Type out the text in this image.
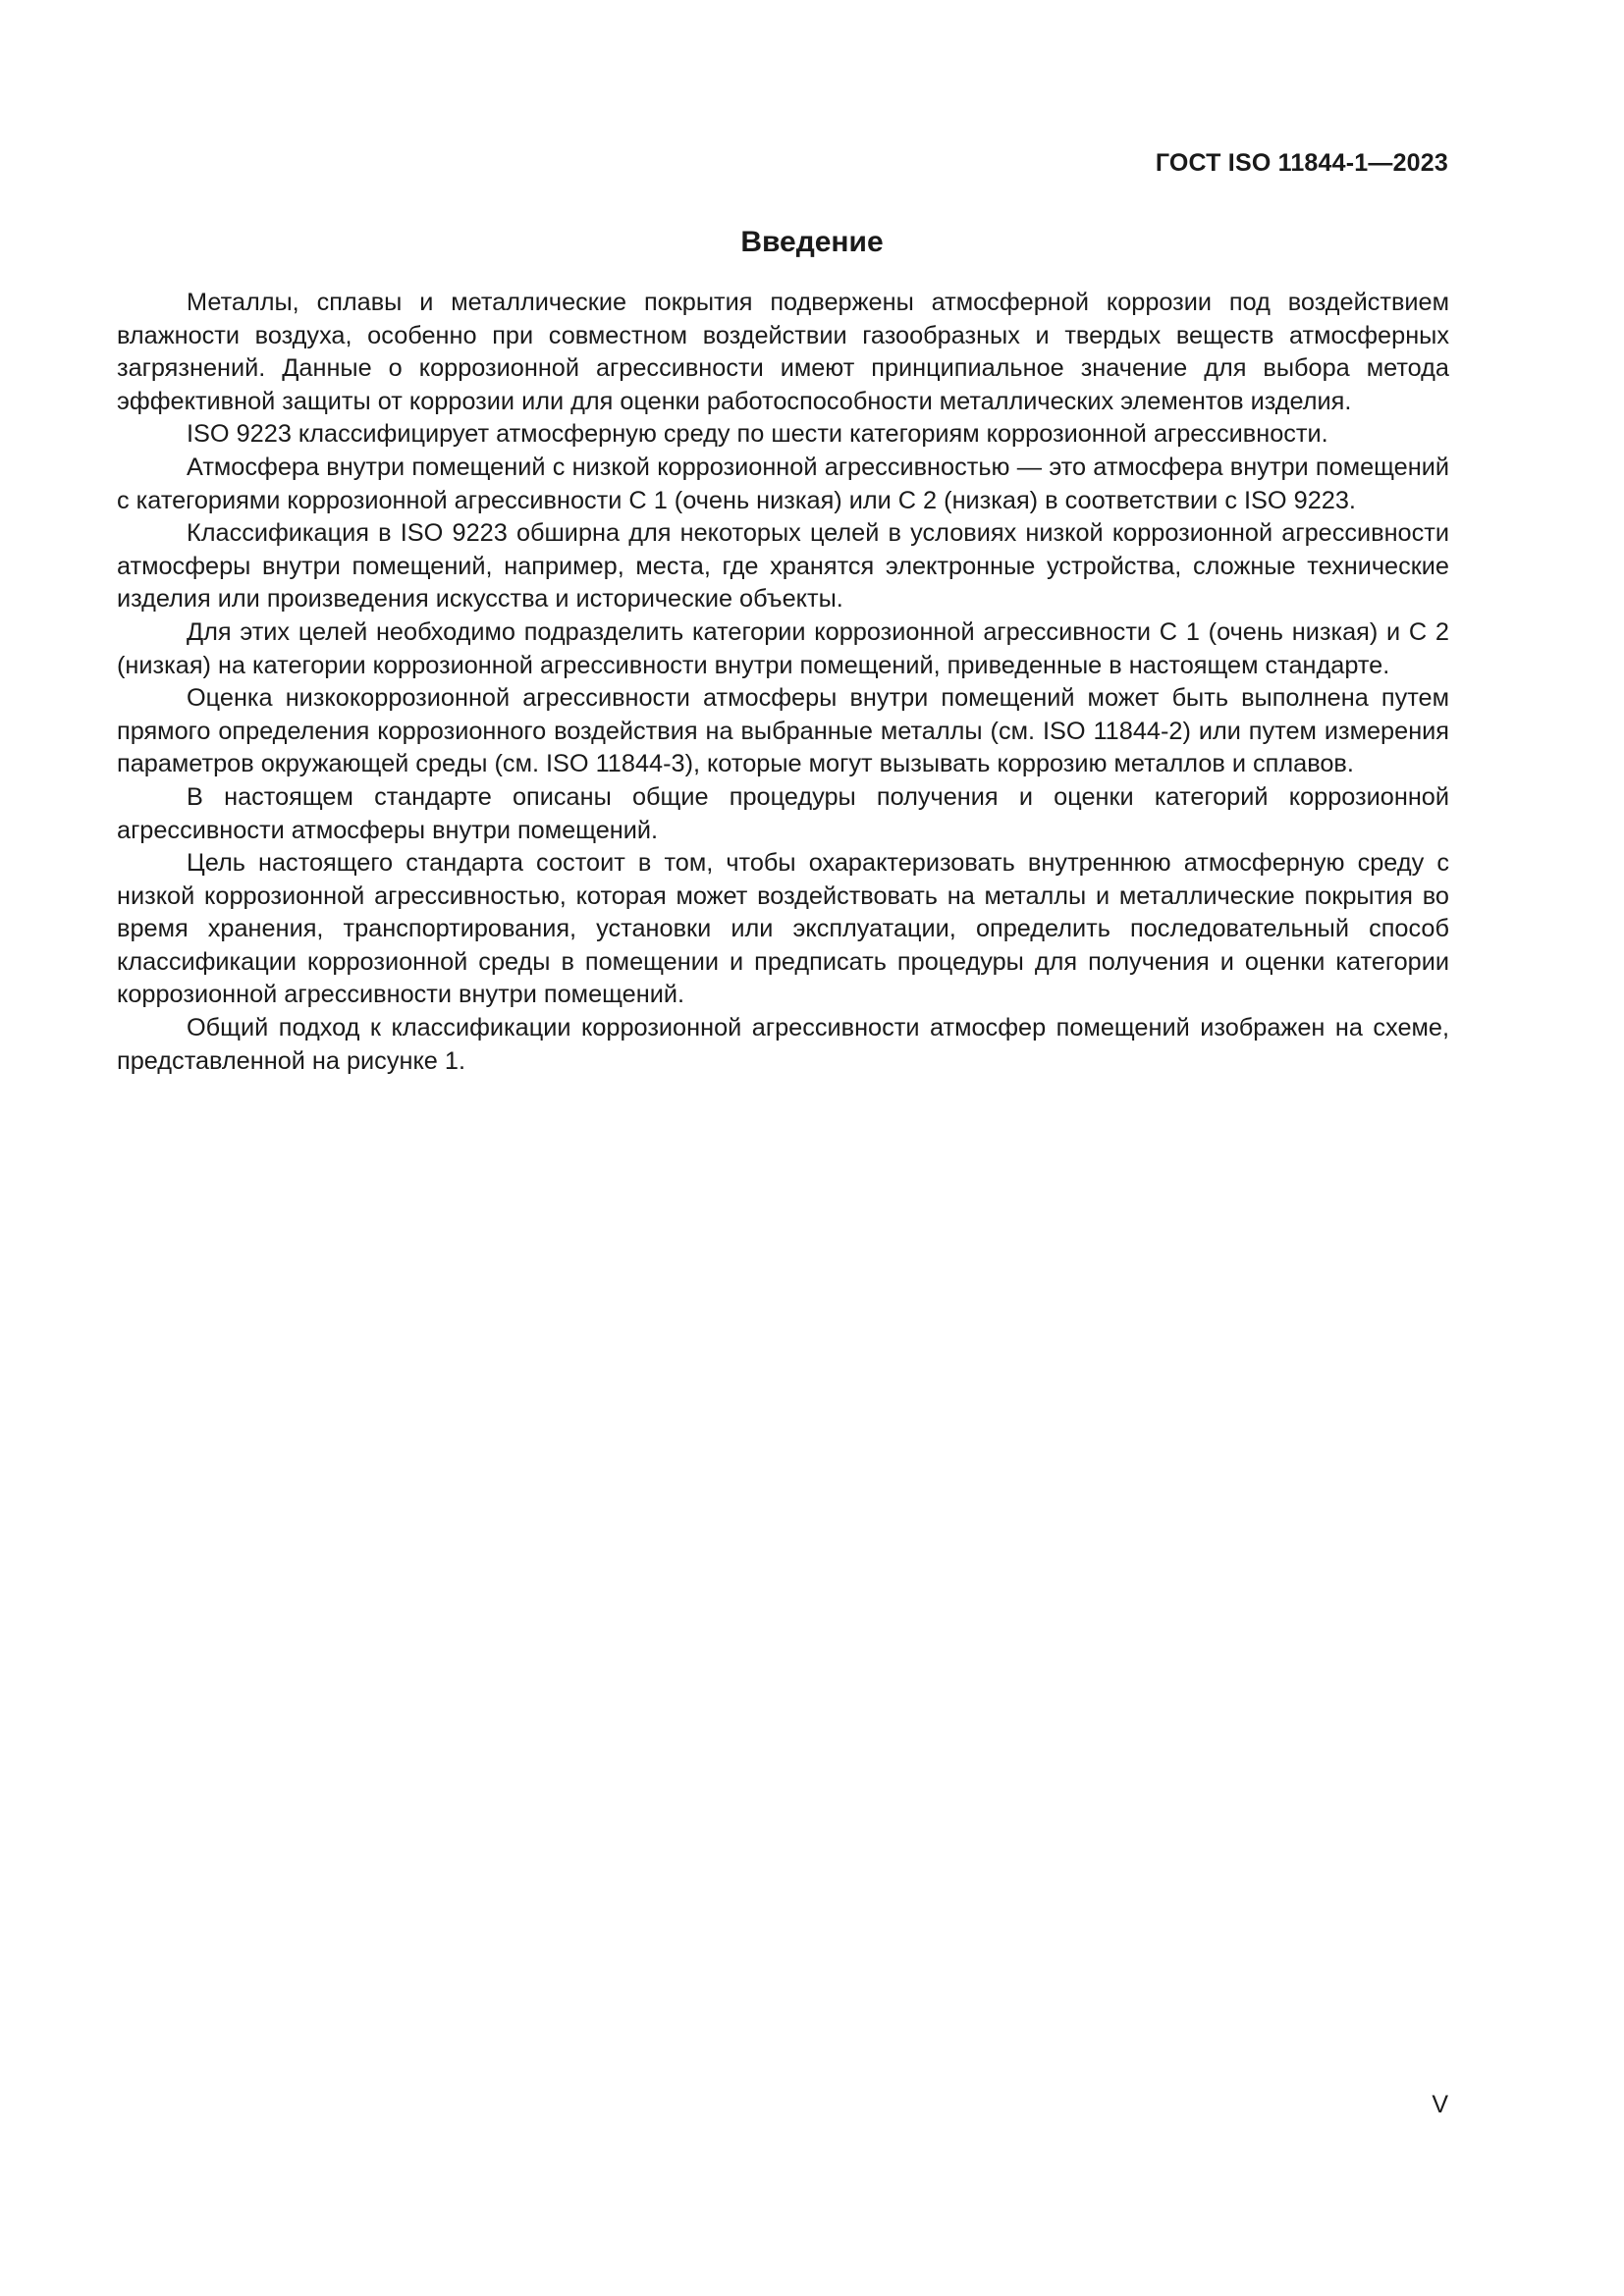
ГОСТ ISO 11844-1—2023
Введение

Металлы, сплавы и металлические покрытия подвержены атмосферной коррозии под воздействием влажности воздуха, особенно при совместном воздействии газообразных и твердых веществ атмосферных загрязнений. Данные о коррозионной агрессивности имеют принципиальное значение для выбора метода эффективной защиты от коррозии или для оценки работоспособности металлических элементов изделия.

ISO 9223 классифицирует атмосферную среду по шести категориям коррозионной агрессивности.

Атмосфера внутри помещений с низкой коррозионной агрессивностью — это атмосфера внутри помещений с категориями коррозионной агрессивности С 1 (очень низкая) или С 2 (низкая) в соответствии с ISO 9223.

Классификация в ISO 9223 обширна для некоторых целей в условиях низкой коррозионной агрессивности атмосферы внутри помещений, например, места, где хранятся электронные устройства, сложные технические изделия или произведения искусства и исторические объекты.

Для этих целей необходимо подразделить категории коррозионной агрессивности С 1 (очень низкая) и С 2 (низкая) на категории коррозионной агрессивности внутри помещений, приведенные в настоящем стандарте.

Оценка низкокоррозионной агрессивности атмосферы внутри помещений может быть выполнена путем прямого определения коррозионного воздействия на выбранные металлы (см. ISO 11844-2) или путем измерения параметров окружающей среды (см. ISO 11844-3), которые могут вызывать коррозию металлов и сплавов.

В настоящем стандарте описаны общие процедуры получения и оценки категорий коррозионной агрессивности атмосферы внутри помещений.

Цель настоящего стандарта состоит в том, чтобы охарактеризовать внутреннюю атмосферную среду с низкой коррозионной агрессивностью, которая может воздействовать на металлы и металлические покрытия во время хранения, транспортирования, установки или эксплуатации, определить последовательный способ классификации коррозионной среды в помещении и предписать процедуры для получения и оценки категории коррозионной агрессивности внутри помещений.

Общий подход к классификации коррозионной агрессивности атмосфер помещений изображен на схеме, представленной на рисунке 1.

V
